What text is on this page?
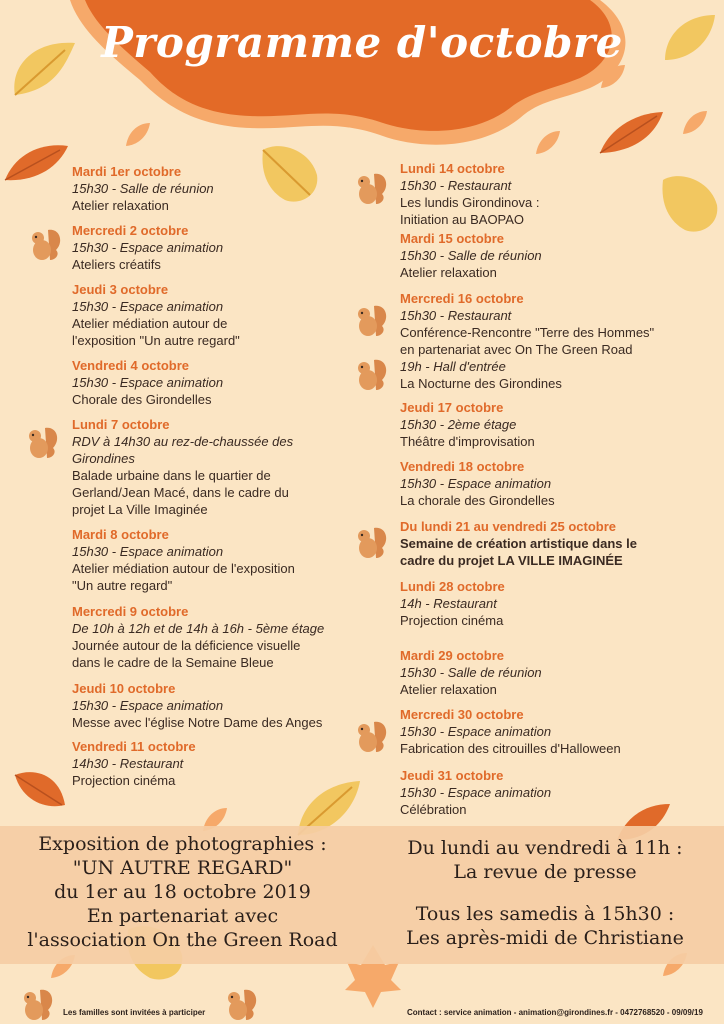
Programme d'octobre
Mardi 1er octobre
15h30 - Salle de réunion
Atelier relaxation
Mercredi 2 octobre
15h30 - Espace animation
Ateliers créatifs
Jeudi 3 octobre
15h30 - Espace animation
Atelier médiation autour de
l'exposition "Un autre regard"
Vendredi 4 octobre
15h30 - Espace animation
Chorale des Girondelles
Lundi 7 octobre
RDV à 14h30 au rez-de-chaussée des
Girondines
Balade urbaine dans le quartier de
Gerland/Jean Macé, dans le cadre du
projet La Ville Imaginée
Mardi 8 octobre
15h30 - Espace animation
Atelier médiation autour de l'exposition
"Un autre regard"
Mercredi 9 octobre
De 10h à 12h et de 14h à 16h - 5ème étage
Journée autour de la déficience visuelle
dans le cadre de la Semaine Bleue
Jeudi 10 octobre
15h30 - Espace animation
Messe avec l'église Notre Dame des Anges
Vendredi 11 octobre
14h30 - Restaurant
Projection cinéma
Lundi 14 octobre
15h30 - Restaurant
Les lundis Girondinova :
Initiation au BAOPAO
Mardi 15 octobre
15h30 - Salle de réunion
Atelier relaxation
Mercredi 16 octobre
15h30 - Restaurant
Conférence-Rencontre "Terre des Hommes"
en partenariat avec On The Green Road
19h - Hall d'entrée
La Nocturne des Girondines
Jeudi 17 octobre
15h30 - 2ème étage
Théâtre d'improvisation
Vendredi 18 octobre
15h30 - Espace animation
La chorale des Girondelles
Du lundi 21 au vendredi 25 octobre
Semaine de création artistique dans le
cadre du projet LA VILLE IMAGINÉE
Lundi 28 octobre
14h - Restaurant
Projection cinéma
Mardi 29 octobre
15h30 - Salle de réunion
Atelier relaxation
Mercredi 30 octobre
15h30 - Espace animation
Fabrication des citrouilles d'Halloween
Jeudi 31 octobre
15h30 - Espace animation
Célébration
Exposition de photographies :
"UN AUTRE REGARD"
du 1er au 18 octobre 2019
En partenariat avec
l'association On the Green Road
Du lundi au vendredi à 11h :
La revue de presse
Tous les samedis à 15h30 :
Les après-midi de Christiane
Les familles sont invitées à participer	Contact : service animation - animation@girondines.fr - 0472768520 - 09/09/19
